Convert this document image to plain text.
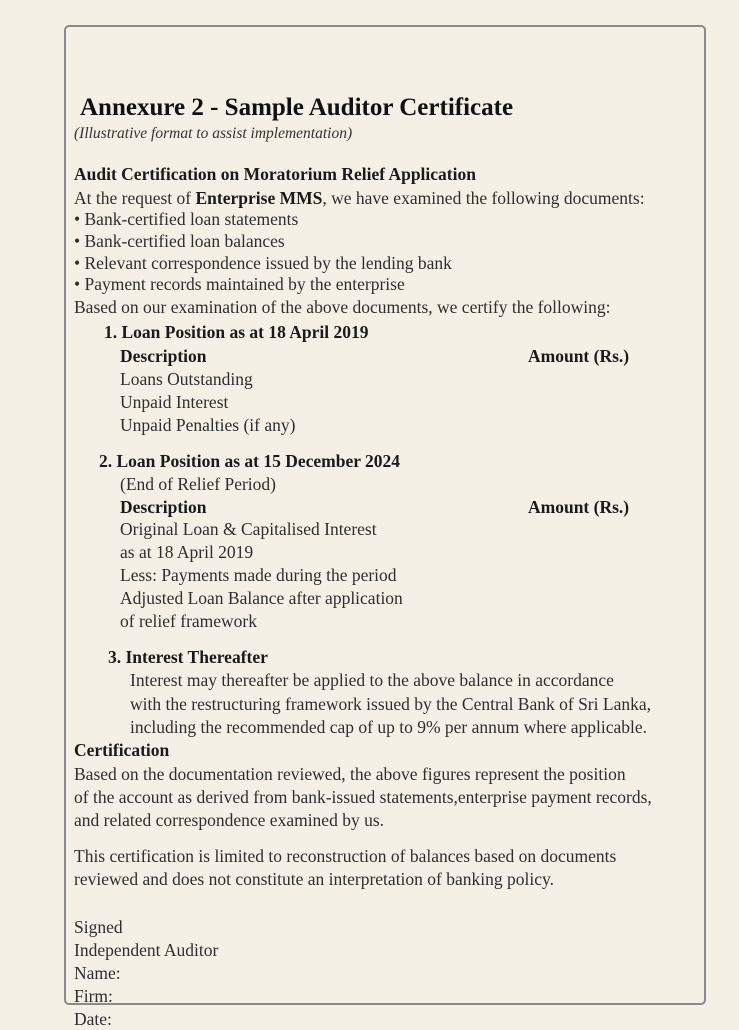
Annexure 2 - Sample Auditor Certificate
(Illustrative format to assist implementation)
Audit Certification on Moratorium Relief Application
At the request of Enterprise MMS, we have examined the following documents:
• Bank-certified loan statements
• Bank-certified loan balances
• Relevant correspondence issued by the lending bank
• Payment records maintained by the enterprise
Based on our examination of the above documents, we certify the following:
1. Loan Position as at 18 April 2019
Description	Amount (Rs.)
Loans Outstanding
Unpaid Interest
Unpaid Penalties (if any)
2. Loan Position as at 15 December 2024
(End of Relief Period)
Description	Amount (Rs.)
Original Loan & Capitalised Interest
as at 18 April 2019
Less: Payments made during the period
Adjusted Loan Balance after application
of relief framework
3. Interest Thereafter
Interest may thereafter be applied to the above balance in accordance
with the restructuring framework issued by the Central Bank of Sri Lanka,
including the recommended cap of up to 9% per annum where applicable.
Certification
Based on the documentation reviewed, the above figures represent the position
of the account as derived from bank-issued statements,enterprise payment records,
and related correspondence examined by us.
This certification is limited to reconstruction of balances based on documents
reviewed and does not constitute an interpretation of banking policy.
Signed
Independent Auditor
Name:
Firm:
Date:
